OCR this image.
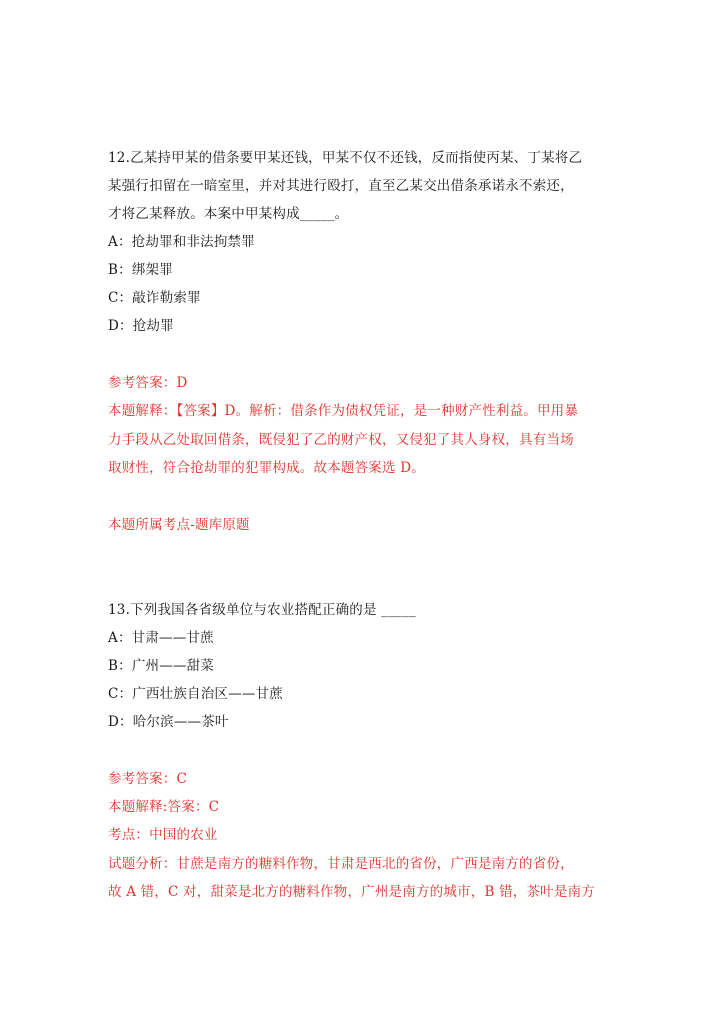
12.乙某持甲某的借条要甲某还钱，甲某不仅不还钱，反而指使丙某、丁某将乙
某强行扣留在一暗室里，并对其进行殴打，直至乙某交出借条承诺永不索还，
才将乙某释放。本案中甲某构成_____。
A：抢劫罪和非法拘禁罪
B：绑架罪
C：敲诈勒索罪
D：抢劫罪
参考答案：D
本题解释：【答案】D。解析：借条作为债权凭证，是一种财产性利益。甲用暴
力手段从乙处取回借条，既侵犯了乙的财产权，又侵犯了其人身权，具有当场
取财性，符合抢劫罪的犯罪构成。故本题答案选 D。
本题所属考点-题库原题
13.下列我国各省级单位与农业搭配正确的是 _____
A：甘肃——甘蔗
B：广州——甜菜
C：广西壮族自治区——甘蔗
D：哈尔滨——茶叶
参考答案：C
本题解释:答案：C
考点：中国的农业
试题分析：甘蔗是南方的糖料作物，甘肃是西北的省份，广西是南方的省份，
故 A 错，C 对，甜菜是北方的糖料作物，广州是南方的城市，B 错，茶叶是南方
